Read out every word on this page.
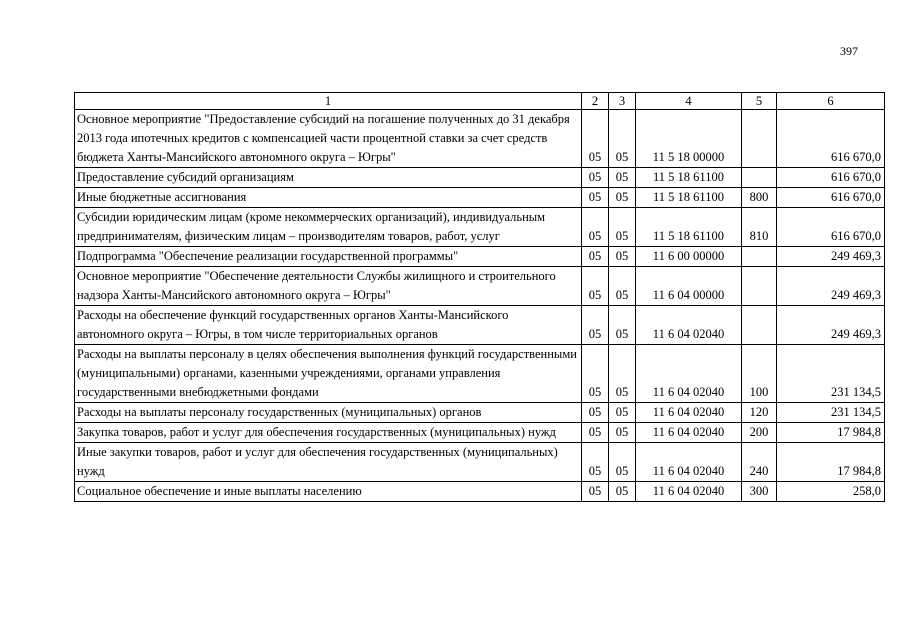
397
1	2	3	4	5	6
Основное мероприятие "Предоставление субсидий на погашение полученных до 31 декабря 2013 года ипотечных кредитов с компенсацией части процентной ставки за счет средств бюджета Ханты-Мансийского автономного округа – Югры"	05	05	11 5 18 00000		616 670,0
Предоставление субсидий организациям	05	05	11 5 18 61100		616 670,0
Иные бюджетные ассигнования	05	05	11 5 18 61100	800	616 670,0
Субсидии юридическим лицам (кроме некоммерческих организаций), индивидуальным предпринимателям, физическим лицам – производителям товаров, работ, услуг	05	05	11 5 18 61100	810	616 670,0
Подпрограмма "Обеспечение реализации государственной программы"	05	05	11 6 00 00000		249 469,3
Основное мероприятие "Обеспечение деятельности Службы жилищного и строительного надзора Ханты-Мансийского автономного округа – Югры"	05	05	11 6 04 00000		249 469,3
Расходы на обеспечение функций государственных органов Ханты-Мансийского автономного округа – Югры, в том числе территориальных органов	05	05	11 6 04 02040		249 469,3
Расходы на выплаты персоналу в целях обеспечения выполнения функций государственными (муниципальными) органами, казенными учреждениями, органами управления государственными внебюджетными фондами	05	05	11 6 04 02040	100	231 134,5
Расходы на выплаты персоналу государственных (муниципальных) органов	05	05	11 6 04 02040	120	231 134,5
Закупка товаров, работ и услуг для обеспечения государственных (муниципальных) нужд	05	05	11 6 04 02040	200	17 984,8
Иные закупки товаров, работ и услуг для обеспечения государственных (муниципальных) нужд	05	05	11 6 04 02040	240	17 984,8
Социальное обеспечение и иные выплаты населению	05	05	11 6 04 02040	300	258,0
